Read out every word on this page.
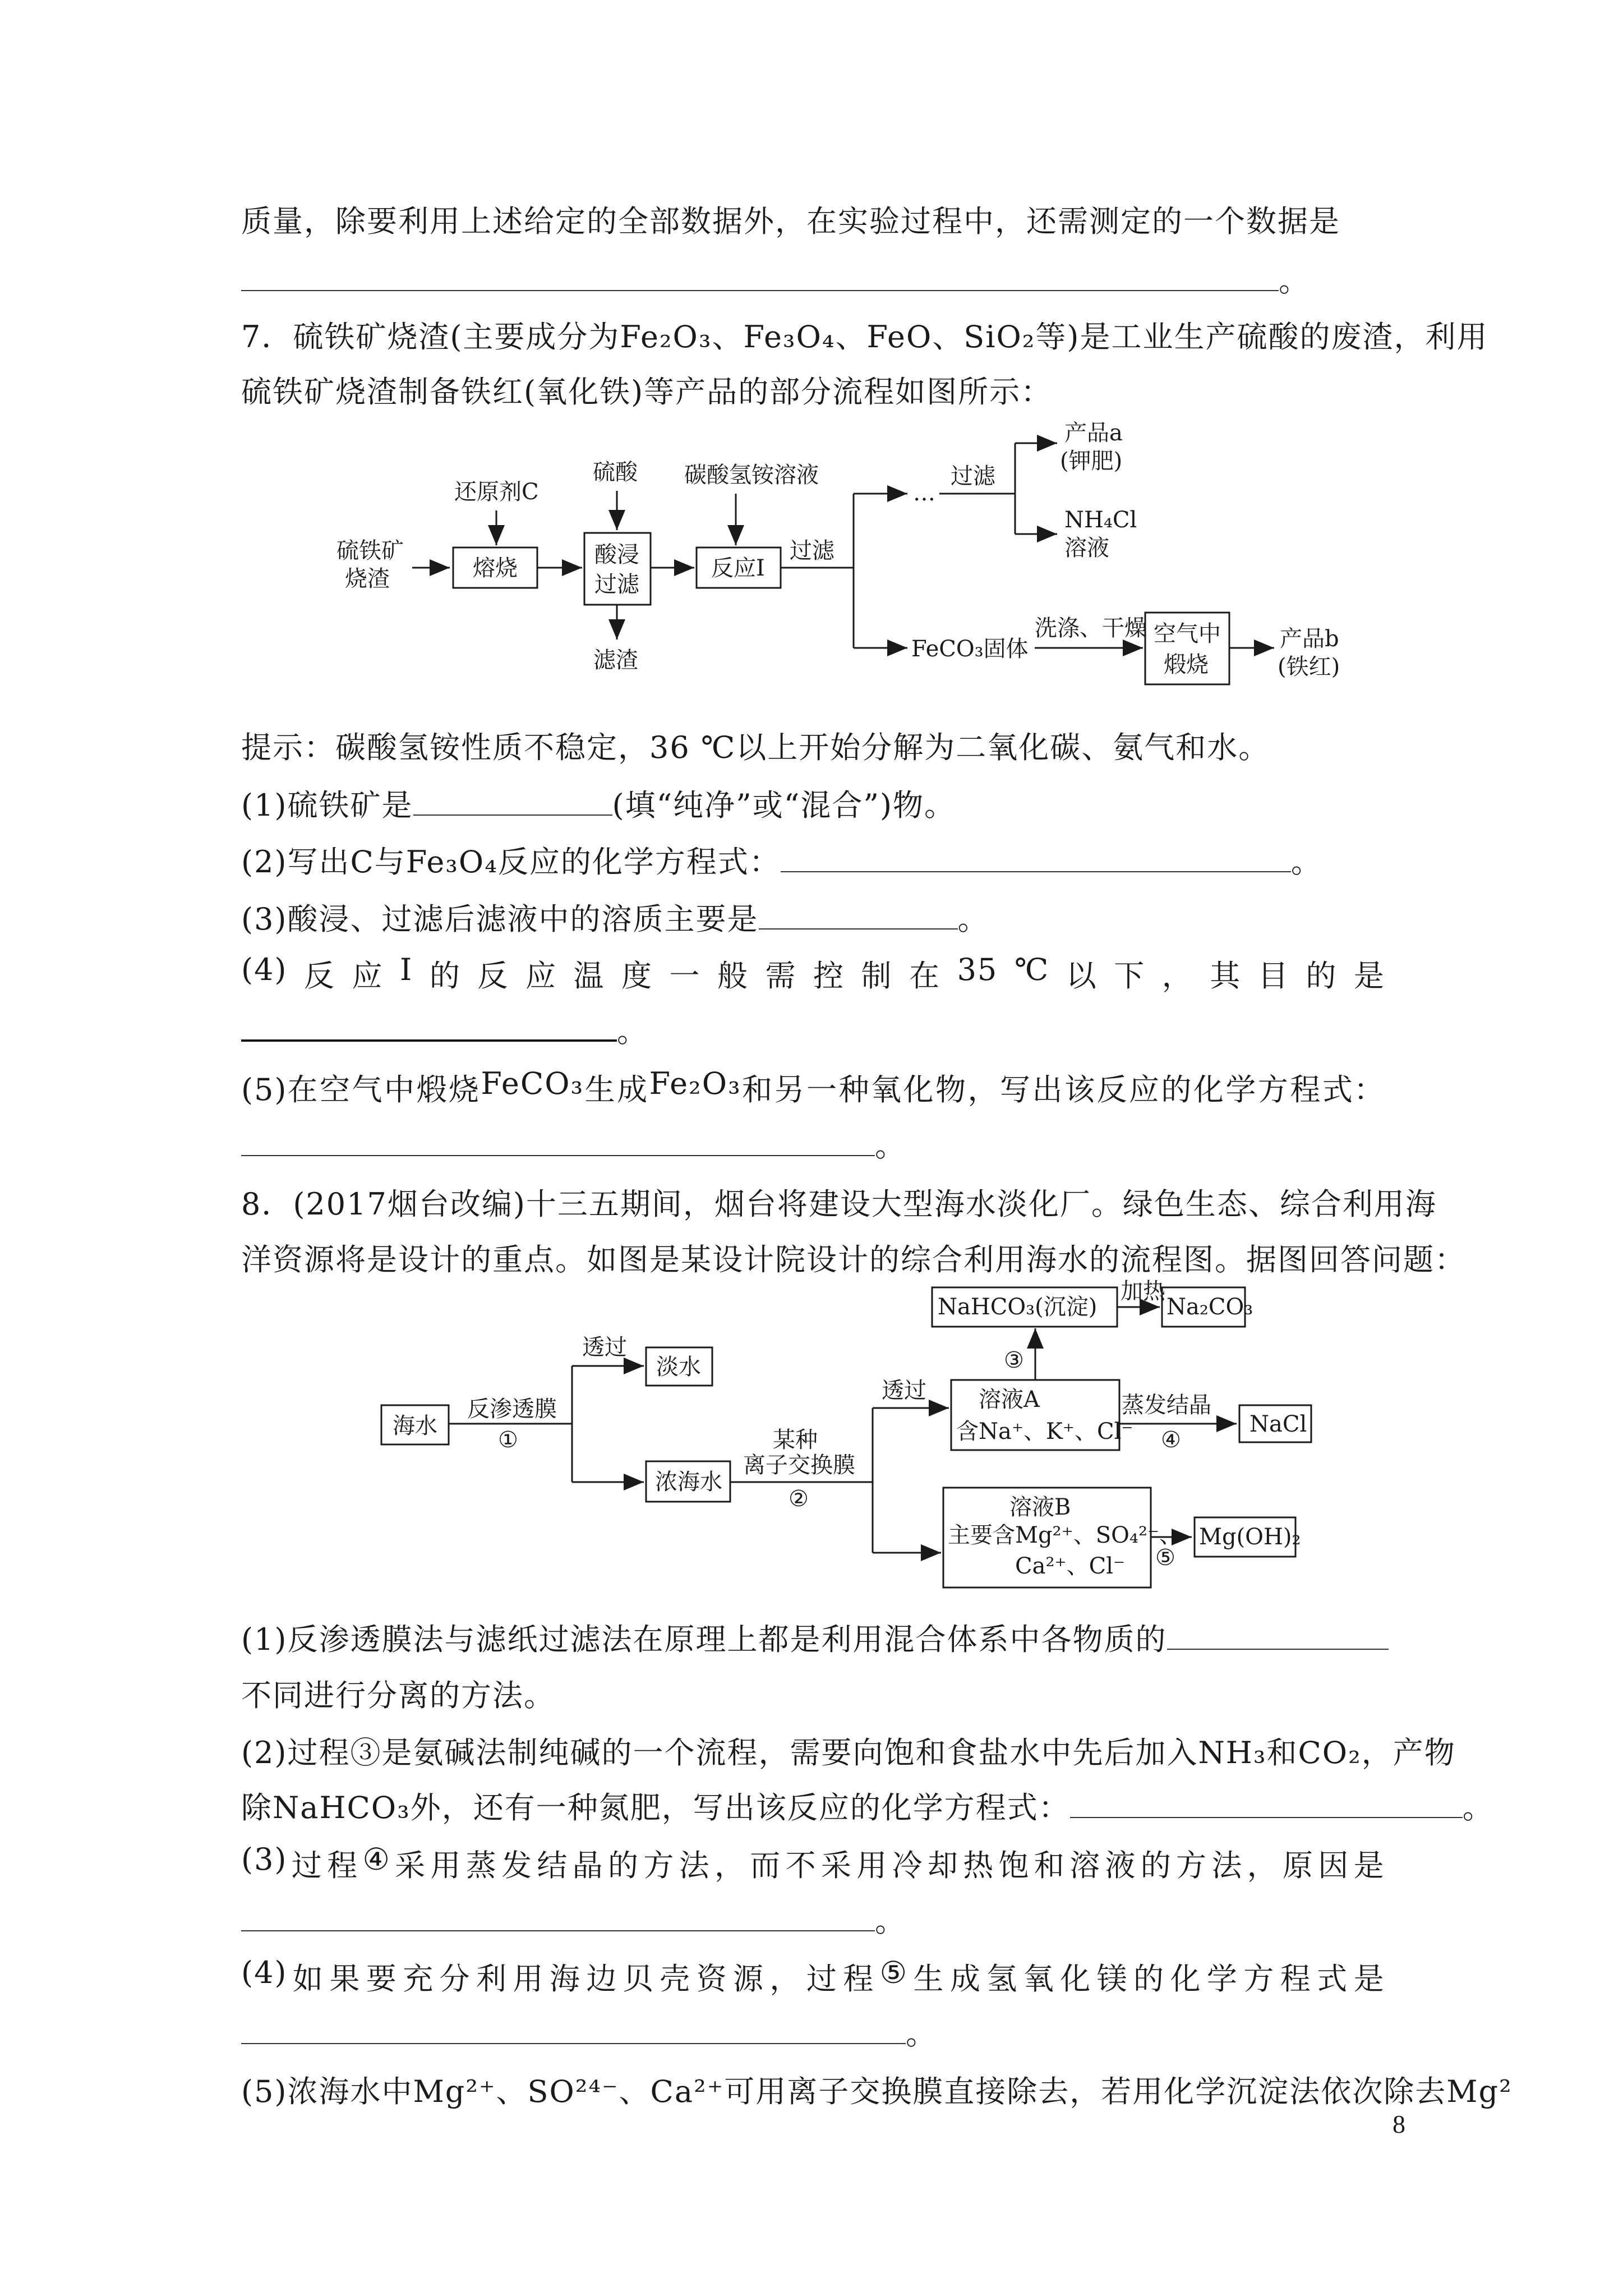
质量，除要利用上述给定的全部数据外，在实验过程中，还需测定的一个数据是
。
7．硫铁矿烧渣(主要成分为Fe₂O₃、Fe₃O₄、FeO、SiO₂等)是工业生产硫酸的废渣，利用
硫铁矿烧渣制备铁红(氧化铁)等产品的部分流程如图所示：
硫铁矿
烧渣
还原剂C
熔烧
硫酸
酸浸
过滤
滤渣
碳酸氢铵溶液
反应Ⅰ
过滤
…
过滤
产品a
(钾肥)
NH₄Cl
溶液
FeCO₃固体
洗涤、干燥 空气中
煅烧
产品b
(铁红)
提示：碳酸氢铵性质不稳定，36 ℃以上开始分解为二氧化碳、氨气和水。
(1)硫铁矿是	(填“纯净”或“混合”)物。
(2)写出C与Fe₃O₄反应的化学方程式：	。
(3)酸浸、过滤后滤液中的溶质主要是	。
(4) 反 应 Ⅰ 的 反 应 温 度 一 般 需 控 制 在 35 ℃ 以 下 ， 其 目 的 是
。
(5)在 空 气 中 煅 烧 FeCO₃ 生 成 Fe₂O₃ 和 另 一 种 氧 化 物 ， 写 出 该 反 应 的 化 学 方 程 式：
。
8．(2017烟台改编)十三五期间，烟台将建设大型海水淡化厂。绿色生态、综合利用海
洋资源将是设计的重点。如图是某设计院设计的综合利用海水的流程图。据图回答问题：
海水
反渗透膜
①
透过
淡水
浓海水
某种
离子交换膜
②
透过 溶液A
含Na⁺、K⁺、Cl⁻
③
NaHCO₃(沉淀)
加热
Na₂CO₃
蒸发结晶
④
NaCl
溶液B
主要含Mg²⁺、SO₄²⁻、
Ca²⁺、Cl⁻ ⑤
Mg(OH)₂
(1)反渗透膜法与滤纸过滤法在原理上都是利用混合体系中各物质的
不同进行分离的方法。
(2)过程③是氨碱法制纯碱的一个流程，需要向饱和食盐水中先后加入NH₃和CO₂，产物
除NaHCO₃外，还有一种氮肥，写出该反应的化学方程式：	。
(3) 过 程 ④ 采 用 蒸 发 结 晶 的 方 法 ， 而 不 采 用 冷 却 热 饱 和 溶 液 的 方 法 ， 原 因 是
。
(4) 如 果 要 充 分 利 用 海 边 贝 壳 资 源 ， 过 程 ⑤ 生 成 氢 氧 化 镁 的 化 学 方 程 式 是
。
(5)浓海水中Mg²⁺、SO²⁴⁻、Ca²⁺可用离子交换膜直接除去，若用化学沉淀法依次除去Mg²
8
